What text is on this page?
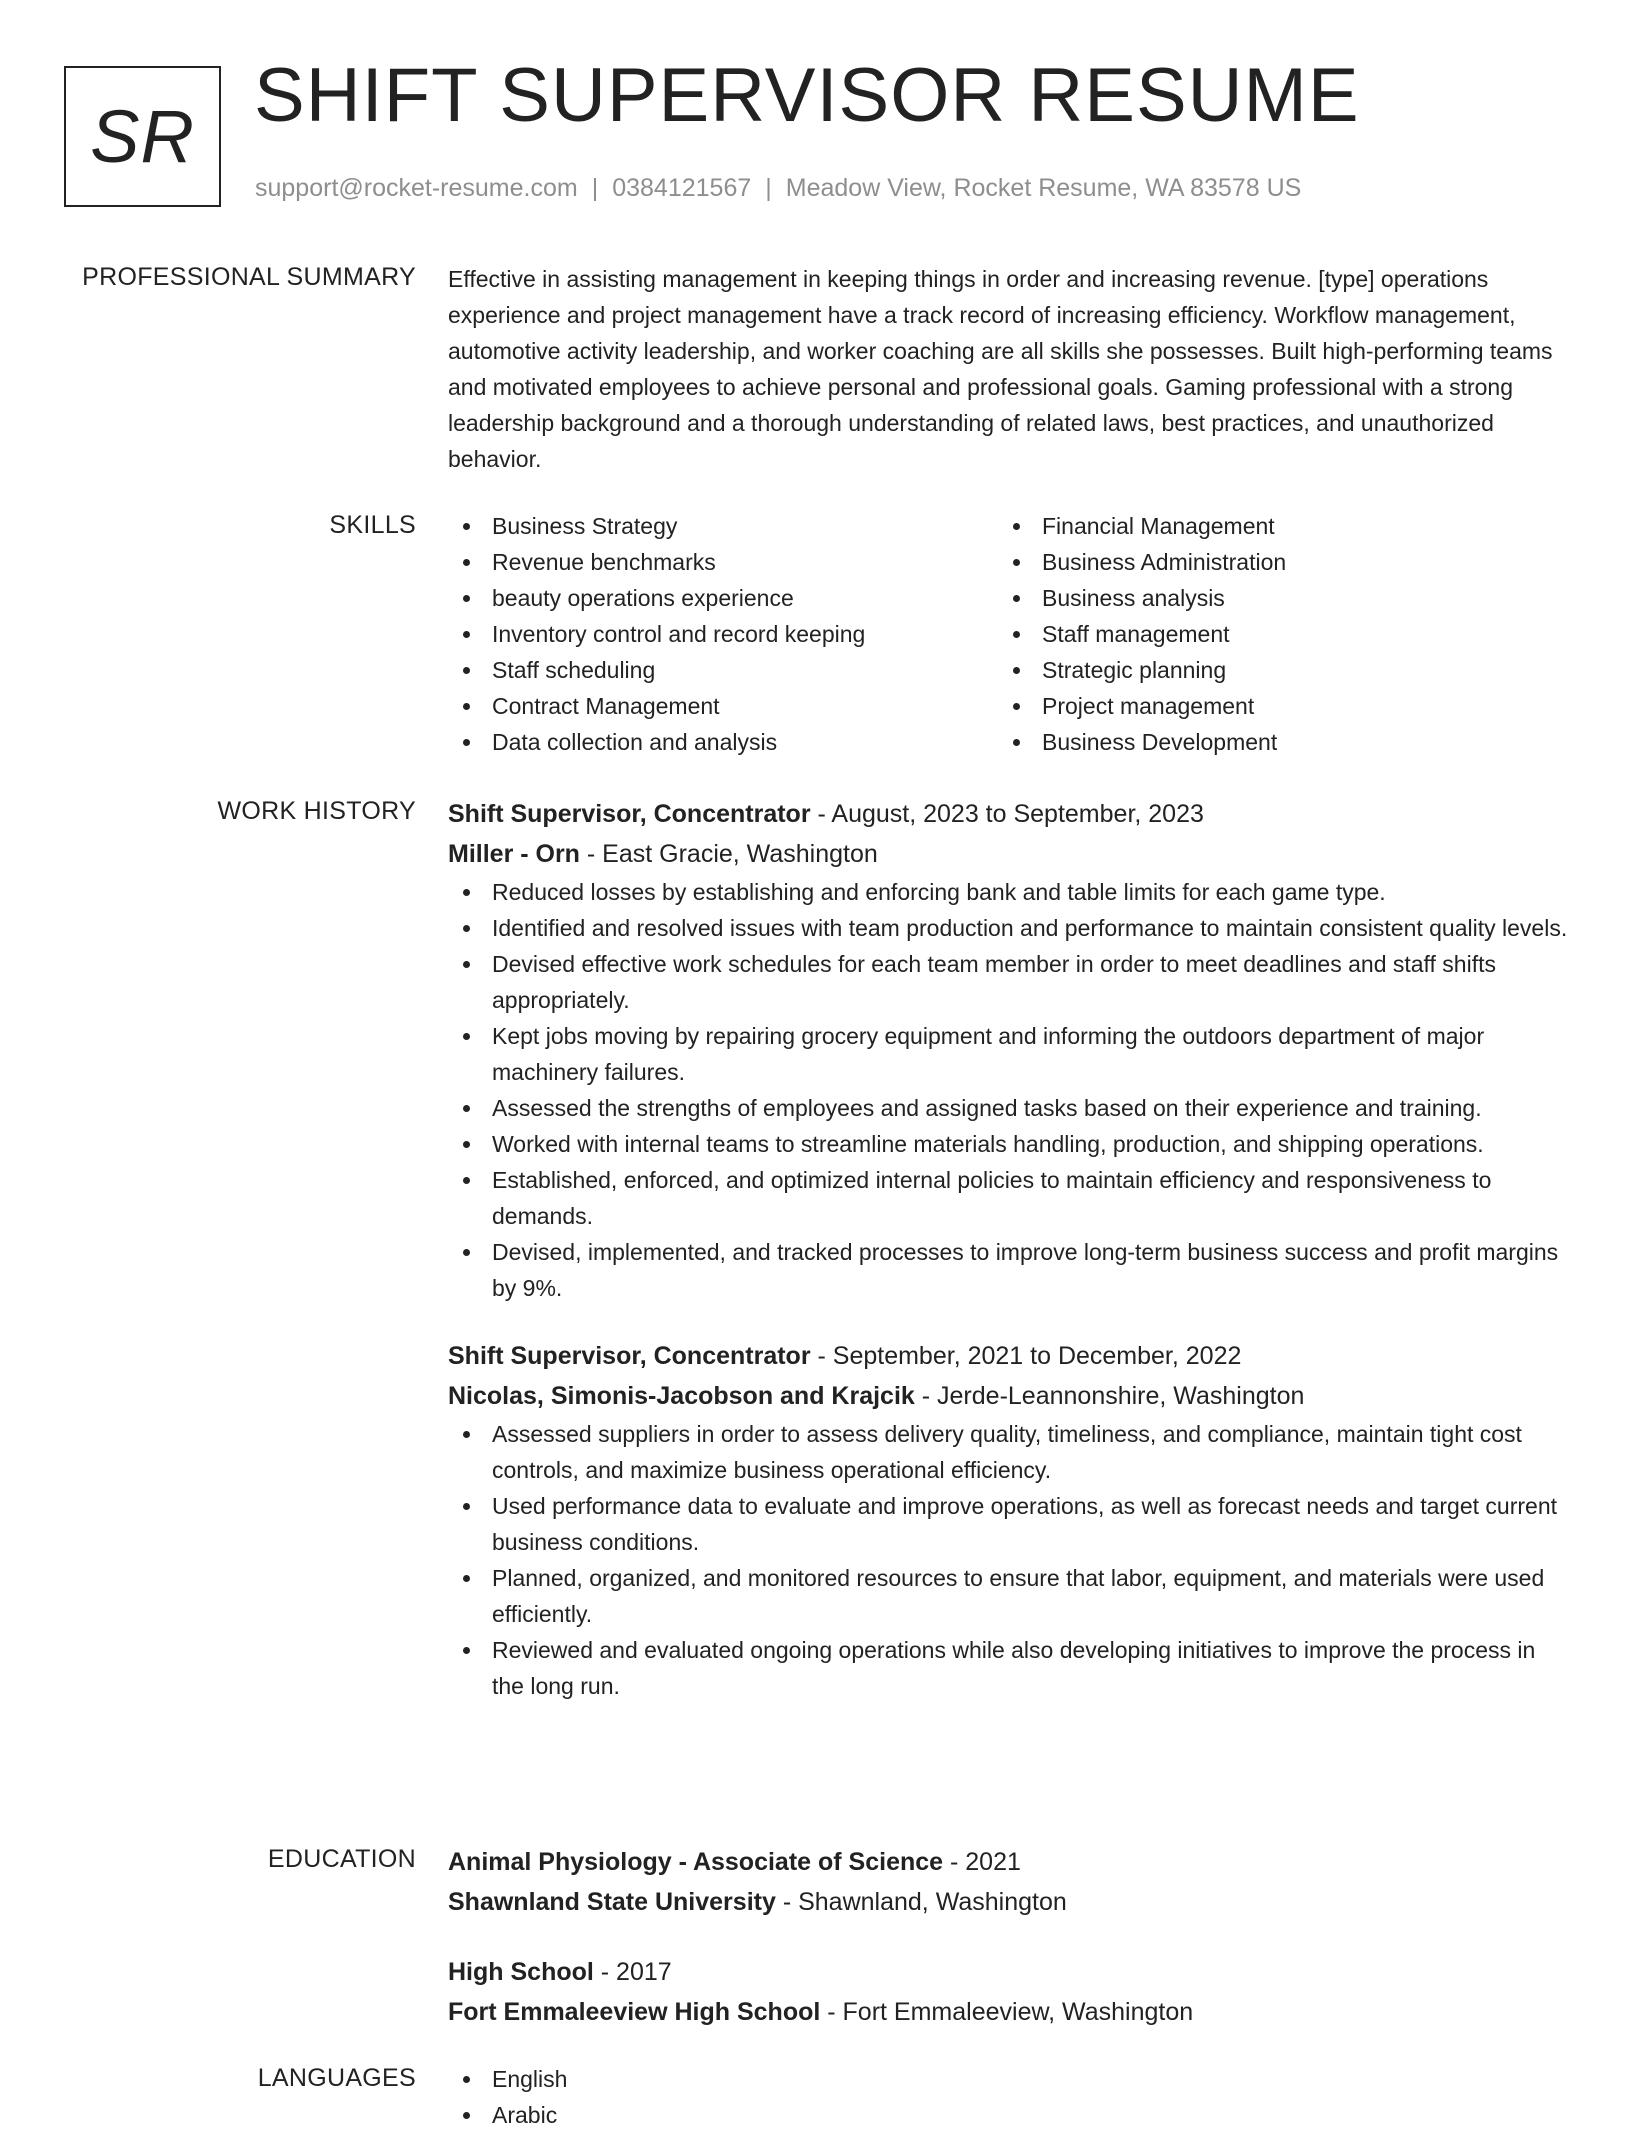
SR SHIFT SUPERVISOR RESUME
support@rocket-resume.com | 0384121567 | Meadow View, Rocket Resume, WA 83578 US
PROFESSIONAL SUMMARY Effective in assisting management in keeping things in order and increasing revenue. [type] operations experience and project management have a track record of increasing efficiency. Workflow management, automotive activity leadership, and worker coaching are all skills she possesses. Built high-performing teams and motivated employees to achieve personal and professional goals. Gaming professional with a strong leadership background and a thorough understanding of related laws, best practices, and unauthorized behavior.

SKILLS	Business Strategy
Revenue benchmarks
beauty operations experience
Inventory control and record keeping
Staff scheduling
Contract Management
Data collection and analysis
Financial Management
Business Administration
Business analysis
Staff management
Strategic planning
Project management
Business Development
WORK HISTORY Shift Supervisor, Concentrator - August, 2023 to September, 2023
Miller - Orn - East Gracie, Washington
Reduced losses by establishing and enforcing bank and table limits for each game type.
Identified and resolved issues with team production and performance to maintain consistent quality levels.
Devised effective work schedules for each team member in order to meet deadlines and staff shifts appropriately.
Kept jobs moving by repairing grocery equipment and informing the outdoors department of major machinery failures.
Assessed the strengths of employees and assigned tasks based on their experience and training.
Worked with internal teams to streamline materials handling, production, and shipping operations.
Established, enforced, and optimized internal policies to maintain efficiency and responsiveness to demands.
Devised, implemented, and tracked processes to improve long-term business success and profit margins by 9%.
Shift Supervisor, Concentrator - September, 2021 to December, 2022
Nicolas, Simonis-Jacobson and Krajcik - Jerde-Leannonshire, Washington
Assessed suppliers in order to assess delivery quality, timeliness, and compliance, maintain tight cost controls, and maximize business operational efficiency.
Used performance data to evaluate and improve operations, as well as forecast needs and target current business conditions.
Planned, organized, and monitored resources to ensure that labor, equipment, and materials were used efficiently.
Reviewed and evaluated ongoing operations while also developing initiatives to improve the process in the long run.
EDUCATION Animal Physiology - Associate of Science - 2021
Shawnland State University - Shawnland, Washington
High School - 2017
Fort Emmaleeview High School - Fort Emmaleeview, Washington
LANGUAGES	English
Arabic
